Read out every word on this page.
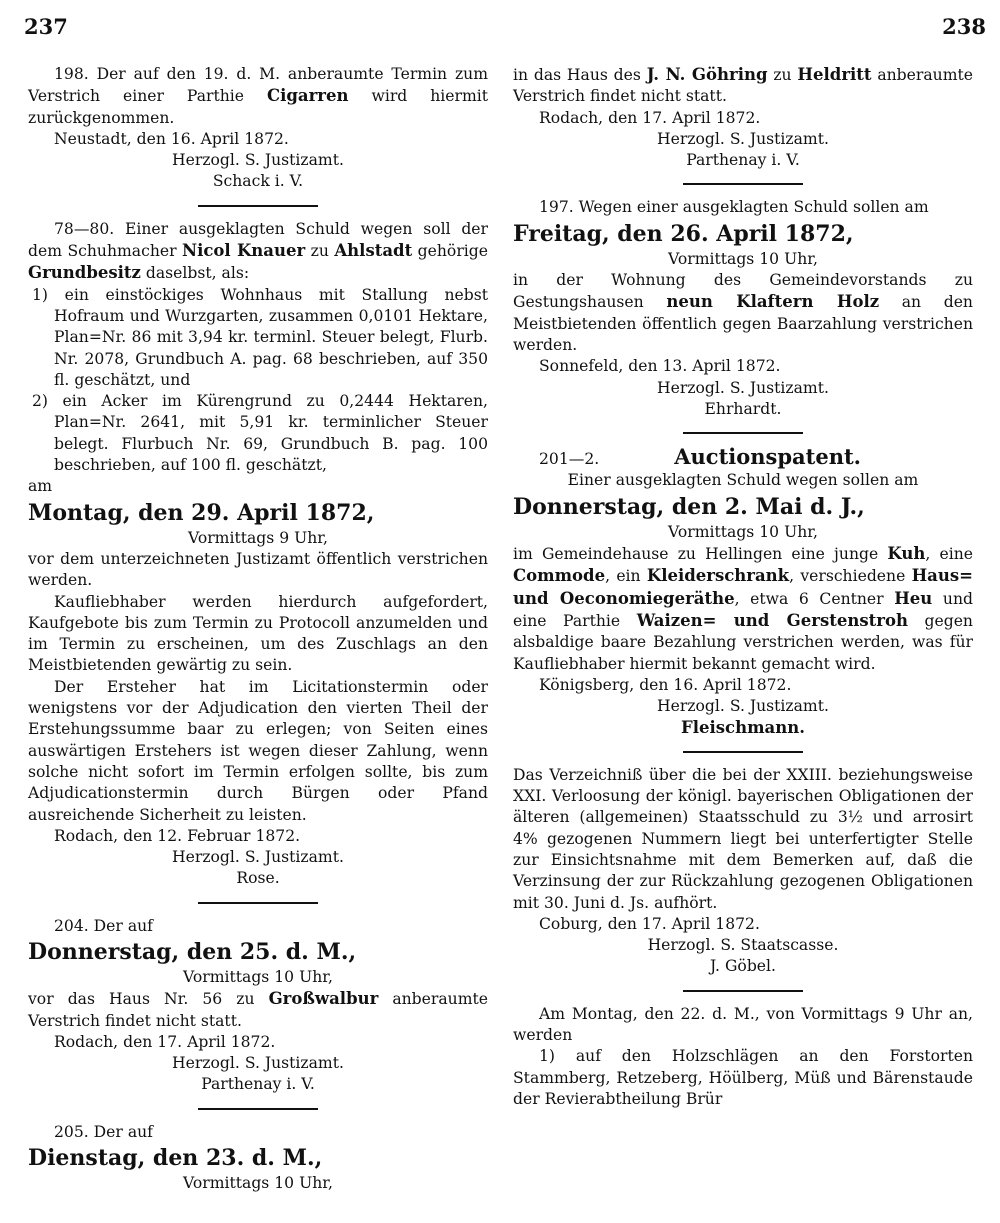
237	238

198. Der auf den 19. d. M. anberaumte Termin zum Verstrich einer Parthie Cigarren wird hiermit zurückgenommen.

Neustadt, den 16. April 1872.

Herzogl. S. Justizamt.

Schack i. V.

78—80. Einer ausgeklagten Schuld wegen soll der dem Schuhmacher Nicol Knauer zu Ahlstadt gehörige Grundbesitz daselbst, als:

1) ein einstöckiges Wohnhaus mit Stallung nebst Hofraum und Wurzgarten, zusammen 0,0101 Hektare, Plan=Nr. 86 mit 3,94 kr. terminl. Steuer belegt, Flurb. Nr. 2078, Grundbuch A. pag. 68 beschrieben, auf 350 fl. geschätzt, und

2) ein Acker im Kürengrund zu 0,2444 Hektaren, Plan=Nr. 2641, mit 5,91 kr. terminlicher Steuer belegt. Flurbuch Nr. 69, Grundbuch B. pag. 100 beschrieben, auf 100 fl. geschätzt,

am

Montag, den 29. April 1872,

Vormittags 9 Uhr,

vor dem unterzeichneten Justizamt öffentlich verstrichen werden.

Kaufliebhaber werden hierdurch aufgefordert, Kaufgebote bis zum Termin zu Protocoll anzumelden und im Termin zu erscheinen, um des Zuschlags an den Meistbietenden gewärtig zu sein.

Der Ersteher hat im Licitationstermin oder wenigstens vor der Adjudication den vierten Theil der Erstehungssumme baar zu erlegen; von Seiten eines auswärtigen Erstehers ist wegen dieser Zahlung, wenn solche nicht sofort im Termin erfolgen sollte, bis zum Adjudicationstermin durch Bürgen oder Pfand ausreichende Sicherheit zu leisten.

Rodach, den 12. Februar 1872.

Herzogl. S. Justizamt.

Rose.

204. Der auf

Donnerstag, den 25. d. M.,

Vormittags 10 Uhr,

vor das Haus Nr. 56 zu Großwalbur anberaumte Verstrich findet nicht statt.

Rodach, den 17. April 1872.

Herzogl. S. Justizamt.

Parthenay i. V.

205. Der auf

Dienstag, den 23. d. M.,

Vormittags 10 Uhr,

in das Haus des J. N. Göhring zu Heldritt anberaumte Verstrich findet nicht statt.

Rodach, den 17. April 1872.

Herzogl. S. Justizamt.

Parthenay i. V.

197. Wegen einer ausgeklagten Schuld sollen am

Freitag, den 26. April 1872,

Vormittags 10 Uhr,

in der Wohnung des Gemeindevorstands zu Gestungshausen neun Klaftern Holz an den Meistbietenden öffentlich gegen Baarzahlung verstrichen werden.

Sonnefeld, den 13. April 1872.

Herzogl. S. Justizamt.

Ehrhardt.

201—2.	Auctionspatent.

Einer ausgeklagten Schuld wegen sollen am

Donnerstag, den 2. Mai d. J.,

Vormittags 10 Uhr,

im Gemeindehause zu Hellingen eine junge Kuh, eine Commode, ein Kleiderschrank, verschiedene Haus= und Oeconomiegeräthe, etwa 6 Centner Heu und eine Parthie Waizen= und Gerstenstroh gegen alsbaldige baare Bezahlung verstrichen werden, was für Kaufliebhaber hiermit bekannt gemacht wird.

Königsberg, den 16. April 1872.

Herzogl. S. Justizamt.

Fleischmann.

Das Verzeichniß über die bei der XXIII. beziehungsweise XXI. Verloosung der königl. bayerischen Obligationen der älteren (allgemeinen) Staatsschuld zu 3½ und arrosirt 4% gezogenen Nummern liegt bei unterfertigter Stelle zur Einsichtsnahme mit dem Bemerken auf, daß die Verzinsung der zur Rückzahlung gezogenen Obligationen mit 30. Juni d. Js. aufhört.

Coburg, den 17. April 1872.

Herzogl. S. Staatscasse.

J. Göbel.

Am Montag, den 22. d. M., von Vormittags 9 Uhr an, werden

1) auf den Holzschlägen an den Forstorten Stammberg, Retzeberg, Höülberg, Müß und Bärenstaude der Revierabtheilung Brür
